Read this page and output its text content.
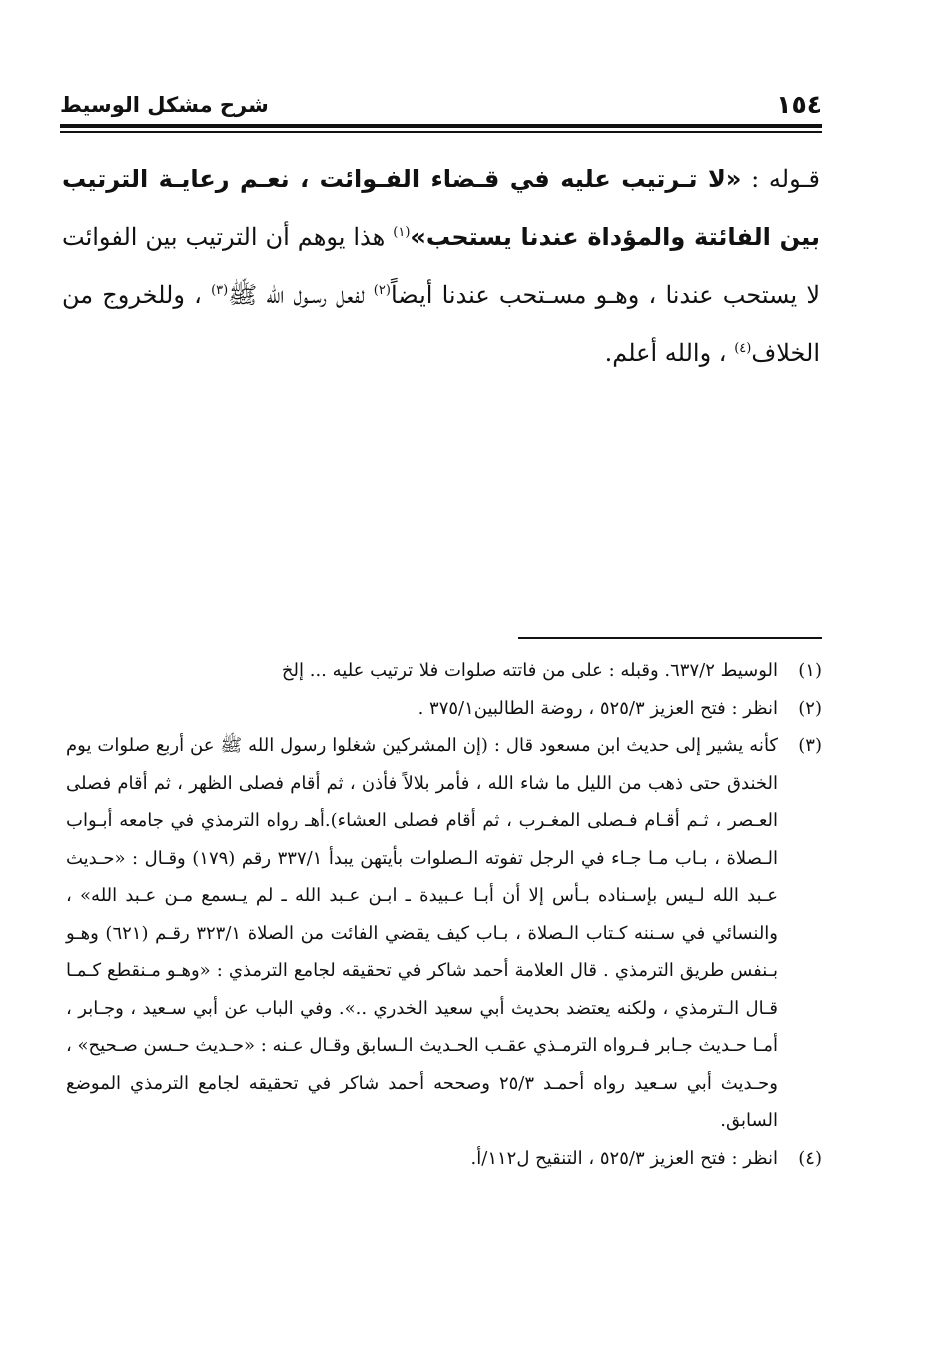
١٥٤
شرح مشكل الوسيط

قـوله : «لا تـرتيب عليه في قـضاء الفـوائت ، نعـم رعايـة الترتيب بين الفائتة والمؤداة عندنا يستحب»$^{(١)}$ هذا يوهم أن الترتيب بين الفوائت لا يستحب عندنا ، وهـو مسـتحب عندنا أيضاً$^{(٢)}$ لفعل رسـول الله ﷺ$^{(٣)}$ ، وللخروج من الخلاف$^{(٤)}$ ، والله أعلم.

(١)
الوسيط ٦٣٧/٢. وقبله : على من فاتته صلوات فلا ترتيب عليه ... إلخ
(٢)
انظر : فتح العزيز ٥٢٥/٣ ، روضة الطالبين٣٧٥/١ .
(٣)
كأنه يشير إلى حديث ابن مسعود قال : (إن المشركين شغلوا رسول الله ﷺ عن أربع صلوات يوم الخندق حتى ذهب من الليل ما شاء الله ، فأمر بلالاً فأذن ، ثم أقام فصلى الظهر ، ثم أقام فصلى العـصر ، ثـم أقـام فـصلى المغـرب ، ثم أقام فصلى العشاء).أهـ رواه الترمذي في جامعه أبـواب الـصلاة ، بـاب مـا جـاء في الرجل تفوته الـصلوات بأيتهن يبدأ ٣٣٧/١ رقم (١٧٩) وقـال : «حـديث عـبد الله لـيس بإسـناده بـأس إلا أن أبـا عـبيدة ـ ابـن عـبد الله ـ لم يـسمع مـن عـبد الله» ، والنسائي في سـننه كـتاب الـصلاة ، بـاب كيف يقضي الفائت من الصلاة ٣٢٣/١ رقـم (٦٢١) وهـو بـنفس طريق الترمذي . قال العلامة أحمد شاكر في تحقيقه لجامع الترمذي : «وهـو مـنقطع كـمـا قـال الـترمذي ، ولكنه يعتضد بحديث أبي سعيد الخدري ..». وفي الباب عن أبي سـعيد ، وجـابر ، أمـا حـديث جـابر فـرواه الترمـذي عقـب الحـديث الـسابق وقـال عـنه : «حـديث حـسن صـحيح» ، وحـديث أبي سـعيد رواه أحمـد ٢٥/٣ وصححه أحمد شاكر في تحقيقه لجامع الترمذي الموضع السابق.
(٤)
انظر : فتح العزيز ٥٢٥/٣ ، التنقيح ل١١٢/أ.
